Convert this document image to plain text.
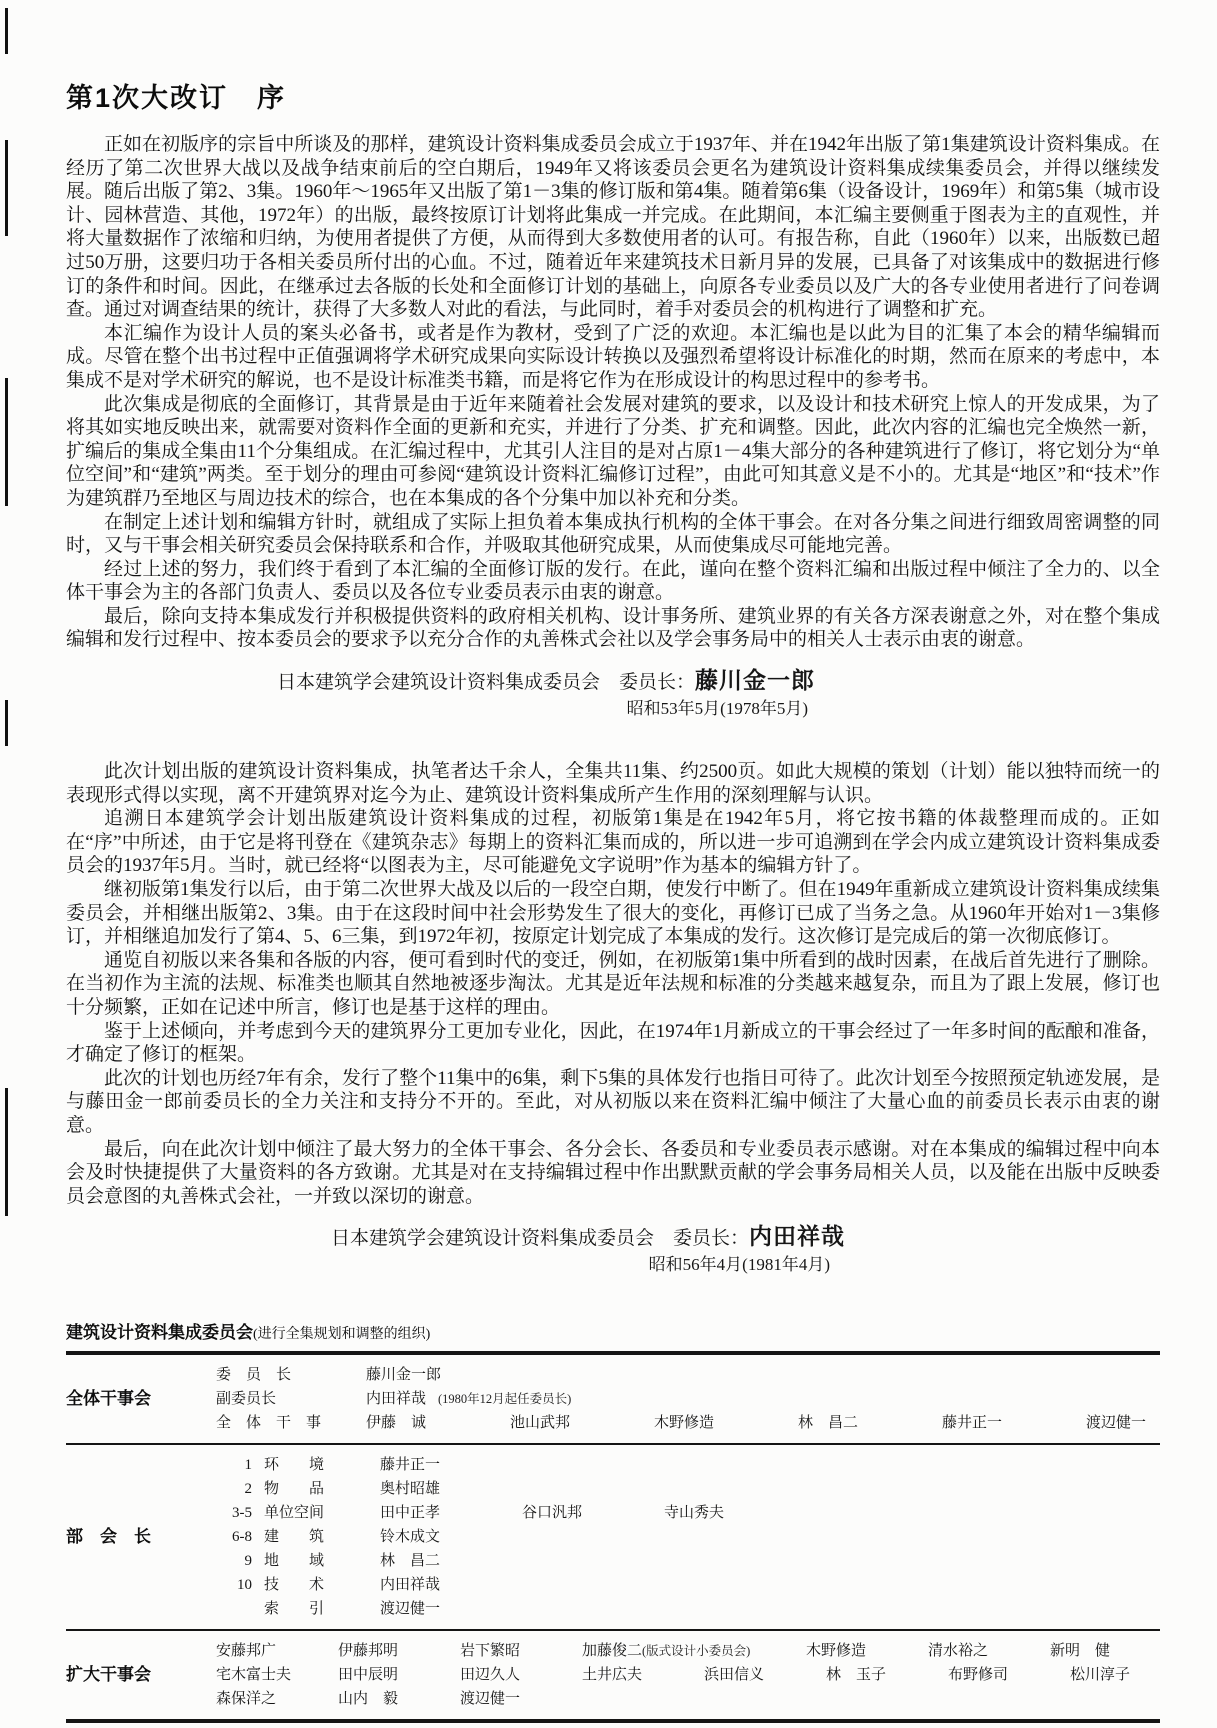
第1次大改订　序

正如在初版序的宗旨中所谈及的那样，建筑设计资料集成委员会成立于1937年、并在1942年出版了第1集建筑设计资料集成。在经历了第二次世界大战以及战争结束前后的空白期后，1949年又将该委员会更名为建筑设计资料集成续集委员会，并得以继续发展。随后出版了第2、3集。1960年～1965年又出版了第1－3集的修订版和第4集。随着第6集（设备设计，1969年）和第5集（城市设计、园林营造、其他，1972年）的出版，最终按原订计划将此集成一并完成。在此期间，本汇编主要侧重于图表为主的直观性，并将大量数据作了浓缩和归纳，为使用者提供了方便，从而得到大多数使用者的认可。有报告称，自此（1960年）以来，出版数已超过50万册，这要归功于各相关委员所付出的心血。不过，随着近年来建筑技术日新月异的发展，已具备了对该集成中的数据进行修订的条件和时间。因此，在继承过去各版的长处和全面修订计划的基础上，向原各专业委员以及广大的各专业使用者进行了问卷调查。通过对调查结果的统计，获得了大多数人对此的看法，与此同时，着手对委员会的机构进行了调整和扩充。

本汇编作为设计人员的案头必备书，或者是作为教材，受到了广泛的欢迎。本汇编也是以此为目的汇集了本会的精华编辑而成。尽管在整个出书过程中正值强调将学术研究成果向实际设计转换以及强烈希望将设计标准化的时期，然而在原来的考虑中，本集成不是对学术研究的解说，也不是设计标准类书籍，而是将它作为在形成设计的构思过程中的参考书。

此次集成是彻底的全面修订，其背景是由于近年来随着社会发展对建筑的要求，以及设计和技术研究上惊人的开发成果，为了将其如实地反映出来，就需要对资料作全面的更新和充实，并进行了分类、扩充和调整。因此，此次内容的汇编也完全焕然一新，扩编后的集成全集由11个分集组成。在汇编过程中，尤其引人注目的是对占原1－4集大部分的各种建筑进行了修订，将它划分为“单位空间”和“建筑”两类。至于划分的理由可参阅“建筑设计资料汇编修订过程”，由此可知其意义是不小的。尤其是“地区”和“技术”作为建筑群乃至地区与周边技术的综合，也在本集成的各个分集中加以补充和分类。

在制定上述计划和编辑方针时，就组成了实际上担负着本集成执行机构的全体干事会。在对各分集之间进行细致周密调整的同时，又与干事会相关研究委员会保持联系和合作，并吸取其他研究成果，从而使集成尽可能地完善。

经过上述的努力，我们终于看到了本汇编的全面修订版的发行。在此，谨向在整个资料汇编和出版过程中倾注了全力的、以全体干事会为主的各部门负责人、委员以及各位专业委员表示由衷的谢意。

最后，除向支持本集成发行并积极提供资料的政府相关机构、设计事务所、建筑业界的有关各方深表谢意之外，对在整个集成编辑和发行过程中、按本委员会的要求予以充分合作的丸善株式会社以及学会事务局中的相关人士表示由衷的谢意。

日本建筑学会建筑设计资料集成委员会　委员长：藤川金一郎
昭和53年5月(1978年5月)

此次计划出版的建筑设计资料集成，执笔者达千余人，全集共11集、约2500页。如此大规模的策划（计划）能以独特而统一的表现形式得以实现，离不开建筑界对迄今为止、建筑设计资料集成所产生作用的深刻理解与认识。

追溯日本建筑学会计划出版建筑设计资料集成的过程，初版第1集是在1942年5月，将它按书籍的体裁整理而成的。正如在“序”中所述，由于它是将刊登在《建筑杂志》每期上的资料汇集而成的，所以进一步可追溯到在学会内成立建筑设计资料集成委员会的1937年5月。当时，就已经将“以图表为主，尽可能避免文字说明”作为基本的编辑方针了。

继初版第1集发行以后，由于第二次世界大战及以后的一段空白期，使发行中断了。但在1949年重新成立建筑设计资料集成续集委员会，并相继出版第2、3集。由于在这段时间中社会形势发生了很大的变化，再修订已成了当务之急。从1960年开始对1－3集修订，并相继追加发行了第4、5、6三集，到1972年初，按原定计划完成了本集成的发行。这次修订是完成后的第一次彻底修订。

通览自初版以来各集和各版的内容，便可看到时代的变迁，例如，在初版第1集中所看到的战时因素，在战后首先进行了删除。在当初作为主流的法规、标准类也顺其自然地被逐步淘汰。尤其是近年法规和标准的分类越来越复杂，而且为了跟上发展，修订也十分频繁，正如在记述中所言，修订也是基于这样的理由。

鉴于上述倾向，并考虑到今天的建筑界分工更加专业化，因此，在1974年1月新成立的干事会经过了一年多时间的酝酿和准备，才确定了修订的框架。

此次的计划也历经7年有余，发行了整个11集中的6集，剩下5集的具体发行也指日可待了。此次计划至今按照预定轨迹发展，是与藤田金一郎前委员长的全力关注和支持分不开的。至此，对从初版以来在资料汇编中倾注了大量心血的前委员长表示由衷的谢意。

最后，向在此次计划中倾注了最大努力的全体干事会、各分会长、各委员和专业委员表示感谢。对在本集成的编辑过程中向本会及时快捷提供了大量资料的各方致谢。尤其是对在支持编辑过程中作出默默贡献的学会事务局相关人员，以及能在出版中反映委员会意图的丸善株式会社，一并致以深切的谢意。

日本建筑学会建筑设计资料集成委员会　委员长：内田祥哉
昭和56年4月(1981年4月)
建筑设计资料集成委员会(进行全集规划和调整的组织)
全体干事会
委　员　长	藤川金一郎
副委员长	内田祥哉 (1980年12月起任委员长)
全　体　干　事	伊藤　诚	池山武邦	木野修造	林　昌二	藤井正一	渡辺健一
部　会　长
1 环　　境	藤井正一
2 物　　品	奥村昭雄
3-5 单位空间	田中正孝	谷口汎邦	寺山秀夫
6-8 建　　筑	铃木成文
9 地　　域	林　昌二
10 技　　术	内田祥哉
索　　引	渡辺健一
扩大干事会
安藤邦广	伊藤邦明	岩下繁昭	加藤俊二(版式设计小委员会)	木野修造	清水裕之	新明　健
宅木富士夫	田中辰明	田辺久人	土井広夫	浜田信义	林　玉子	布野修司	松川淳子
森保洋之	山内　毅	渡辺健一
